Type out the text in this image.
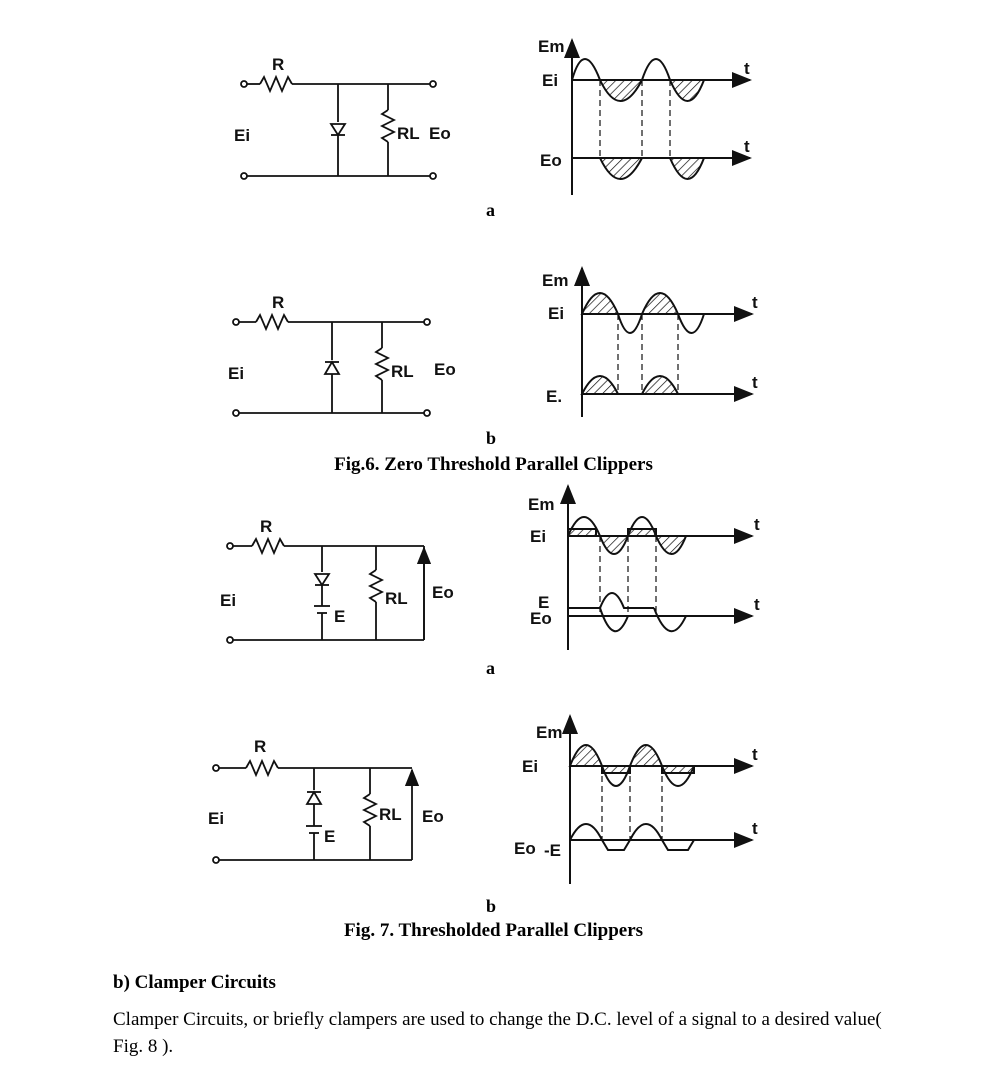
R
RL Eo
Ei
Em
Ei
Eo
t
t
a
R
RL Eo
Ei
Em
Ei
E.
t
t
b
Fig.6. Zero Threshold Parallel Clippers
R
RL Eo
Ei
E
Em
Ei
E
Eo
t
t
a
R
RL Eo
Ei
E
Em
Ei
Eo -E
t
t
b
Fig. 7. Thresholded Parallel Clippers
b) Clamper Circuits
Clamper Circuits, or briefly clampers are used to change the D.C. level of a signal to a desired value( Fig. 8 ).
